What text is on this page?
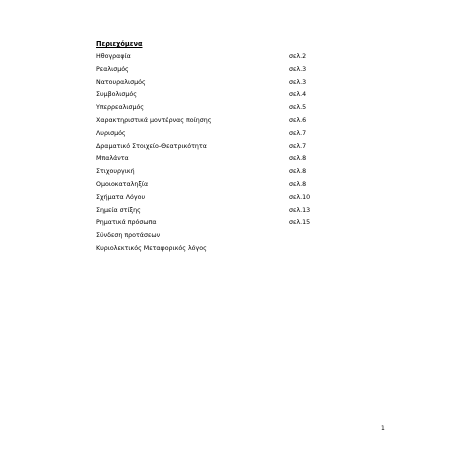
Περιεχόμενα
Ηθογραφία	σελ.2
Ρεαλισμός	σελ.3
Νατουραλισμός	σελ.3
Συμβολισμός	σελ.4
Υπερρεαλισμός	σελ.5
Χαρακτηριστικά μοντέρνας ποίησης	σελ.6
Λυρισμός	σελ.7
Δραματικό Στοιχείο-Θεατρικότητα	σελ.7
Μπαλάντα	σελ.8
Στιχουργική	σελ.8
Ομοιοκαταληξία	σελ.8
Σχήματα Λόγου	σελ.10
Σημεία στίξης	σελ.13
Ρηματικά πρόσωπα	σελ.15
Σύνδεση προτάσεων
Κυριολεκτικός Μεταφορικός λόγος
1
